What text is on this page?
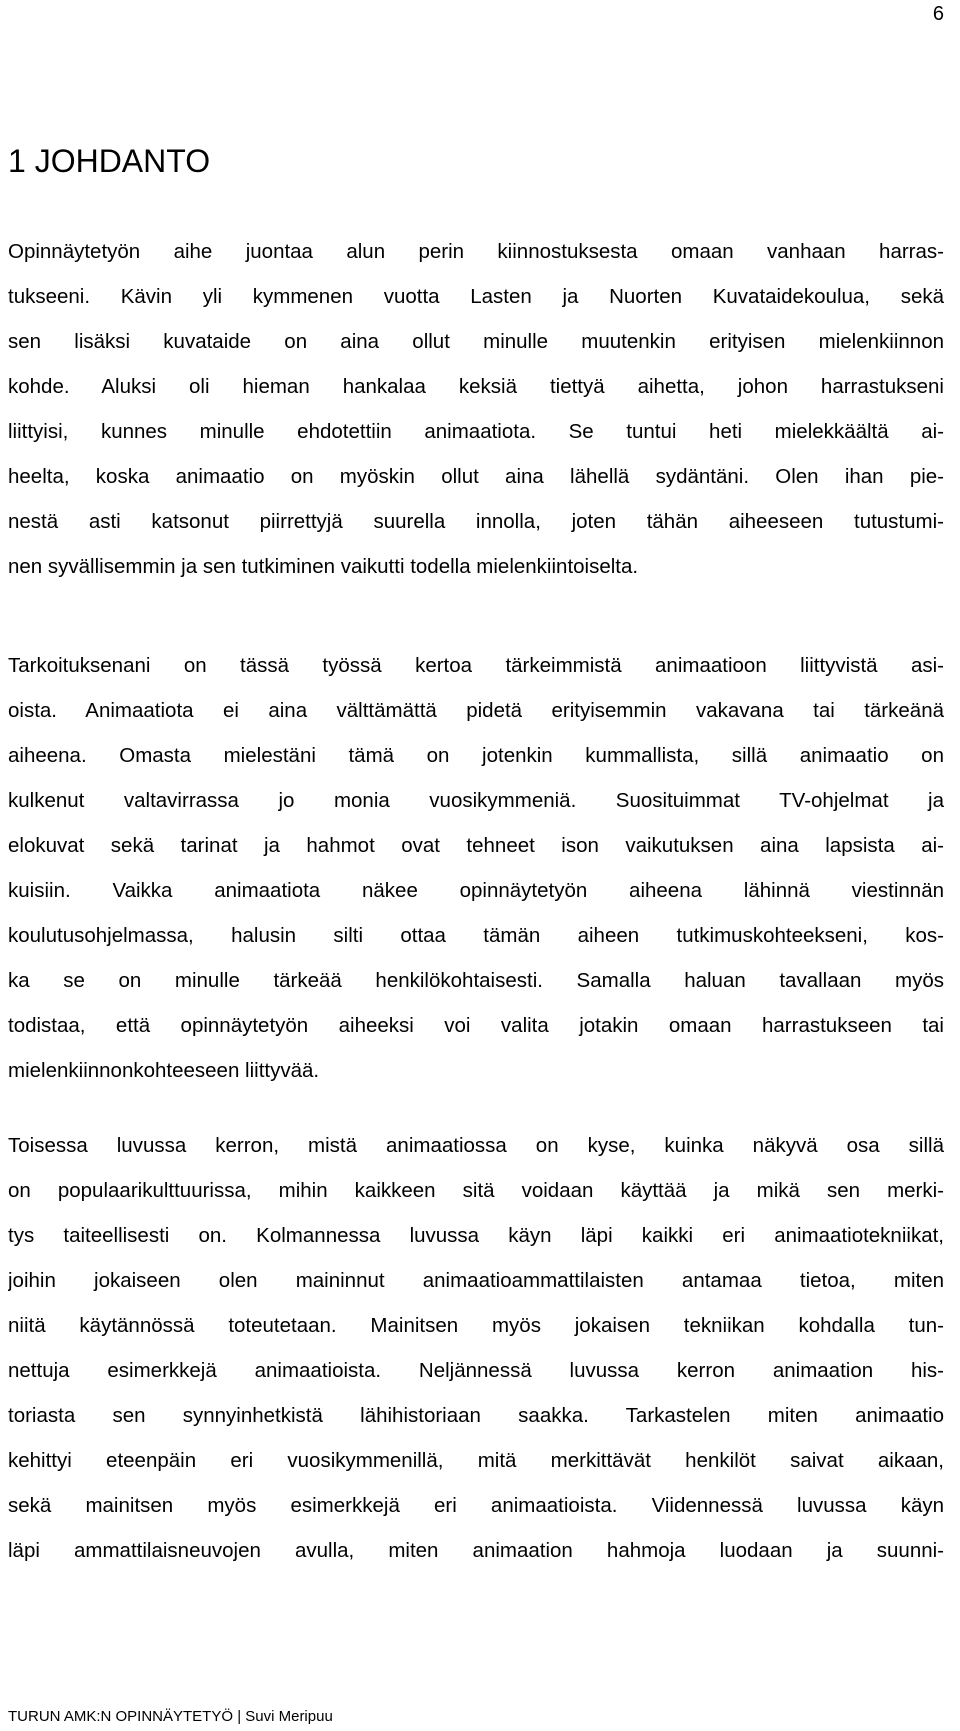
6
1 JOHDANTO
Opinnäytetyön aihe juontaa alun perin kiinnostuksesta omaan vanhaan harras-
tukseeni. Kävin yli kymmenen vuotta Lasten ja Nuorten Kuvataidekoulua, sekä
sen lisäksi kuvataide on aina ollut minulle muutenkin erityisen mielenkiinnon
kohde. Aluksi oli hieman hankalaa keksiä tiettyä aihetta, johon harrastukseni
liittyisi, kunnes minulle ehdotettiin animaatiota. Se tuntui heti mielekkäältä ai-
heelta, koska animaatio on myöskin ollut aina lähellä sydäntäni. Olen ihan pie-
nestä asti katsonut piirrettyjä suurella innolla, joten tähän aiheeseen tutustumi-
nen syvällisemmin ja sen tutkiminen vaikutti todella mielenkiintoiselta.
Tarkoituksenani on tässä työssä kertoa tärkeimmistä animaatioon liittyvistä asi-
oista. Animaatiota ei aina välttämättä pidetä erityisemmin vakavana tai tärkeänä
aiheena. Omasta mielestäni tämä on jotenkin kummallista, sillä animaatio on
kulkenut valtavirrassa jo monia vuosikymmeniä. Suosituimmat TV-ohjelmat ja
elokuvat sekä tarinat ja hahmot ovat tehneet ison vaikutuksen aina lapsista ai-
kuisiin. Vaikka animaatiota näkee opinnäytetyön aiheena lähinnä viestinnän
koulutusohjelmassa, halusin silti ottaa tämän aiheen tutkimuskohteekseni, kos-
ka se on minulle tärkeää henkilökohtaisesti. Samalla haluan tavallaan myös
todistaa, että opinnäytetyön aiheeksi voi valita jotakin omaan harrastukseen tai
mielenkiinnonkohteeseen liittyvää.
Toisessa luvussa kerron, mistä animaatiossa on kyse, kuinka näkyvä osa sillä
on populaarikulttuurissa, mihin kaikkeen sitä voidaan käyttää ja mikä sen merki-
tys taiteellisesti on. Kolmannessa luvussa käyn läpi kaikki eri animaatiotekniikat,
joihin jokaiseen olen maininnut animaatioammattilaisten antamaa tietoa, miten
niitä käytännössä toteutetaan. Mainitsen myös jokaisen tekniikan kohdalla tun-
nettuja esimerkkejä animaatioista. Neljännessä luvussa kerron animaation his-
toriasta sen synnyinhetkistä lähihistoriaan saakka. Tarkastelen miten animaatio
kehittyi eteenpäin eri vuosikymmenillä, mitä merkittävät henkilöt saivat aikaan,
sekä mainitsen myös esimerkkejä eri animaatioista. Viidennessä luvussa käyn
läpi ammattilaisneuvojen avulla, miten animaation hahmoja luodaan ja suunni-
TURUN AMK:N OPINNÄYTETYÖ | Suvi Meripuu
